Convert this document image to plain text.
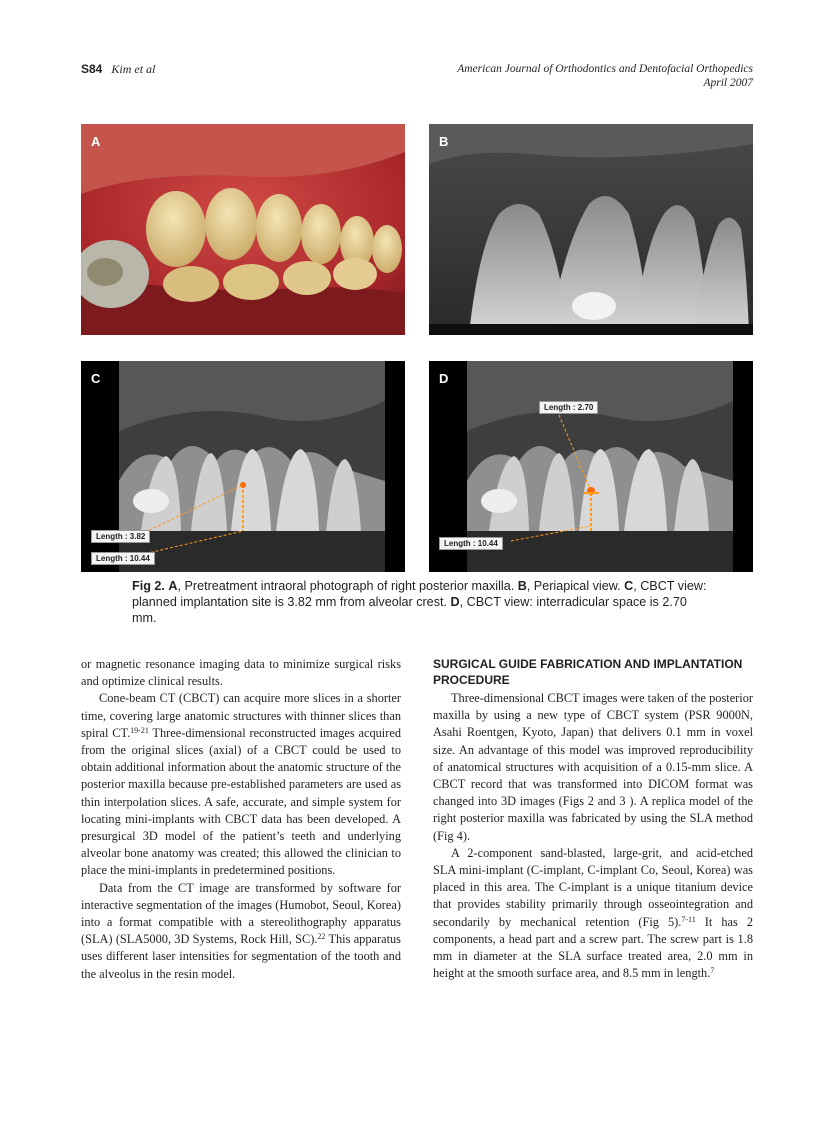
S84 Kim et al	American Journal of Orthodontics and Dentofacial Orthopedics
April 2007
A	B
C
Length : 3.82
Length : 10.44
D
Length : 2.70
Length : 10.44
Fig 2. A, Pretreatment intraoral photograph of right posterior maxilla. B, Periapical view. C, CBCT view: planned implantation site is 3.82 mm from alveolar crest. D, CBCT view: interradicular space is 2.70 mm.

or magnetic resonance imaging data to minimize surgical risks and optimize clinical results.

Cone-beam CT (CBCT) can acquire more slices in a shorter time, covering large anatomic structures with thinner slices than spiral CT.$^{19-21}$ Three-dimensional reconstructed images acquired from the original slices (axial) of a CBCT could be used to obtain additional information about the anatomic structure of the posterior maxilla because pre-established parameters are used as thin interpolation slices. A safe, accurate, and simple system for locating mini-implants with CBCT data has been developed. A presurgical 3D model of the patient’s teeth and underlying alveolar bone anatomy was created; this allowed the clinician to place the mini-implants in predetermined positions.

Data from the CT image are transformed by software for interactive segmentation of the images (Humobot, Seoul, Korea) into a format compatible with a stereolithography apparatus (SLA) (SLA5000, 3D Systems, Rock Hill, SC).$^{22}$ This apparatus uses different laser intensities for segmentation of the tooth and the alveolus in the resin model.

SURGICAL GUIDE FABRICATION AND IMPLANTATION PROCEDURE

Three-dimensional CBCT images were taken of the posterior maxilla by using a new type of CBCT system (PSR 9000N, Asahi Roentgen, Kyoto, Japan) that delivers 0.1 mm in voxel size. An advantage of this model was improved reproducibility of anatomical structures with acquisition of a 0.15-mm slice. A CBCT record that was transformed into DICOM format was changed into 3D images (Figs 2 and 3 ). A replica model of the right posterior maxilla was fabricated by using the SLA method (Fig 4).

A 2-component sand-blasted, large-grit, and acid-etched SLA mini-implant (C-implant, C-implant Co, Seoul, Korea) was placed in this area. The C-implant is a unique titanium device that provides stability primarily through osseointegration and secondarily by mechanical retention (Fig 5).$^{7-11}$ It has 2 components, a head part and a screw part. The screw part is 1.8 mm in diameter at the SLA surface treated area, 2.0 mm in height at the smooth surface area, and 8.5 mm in length.$^7$
